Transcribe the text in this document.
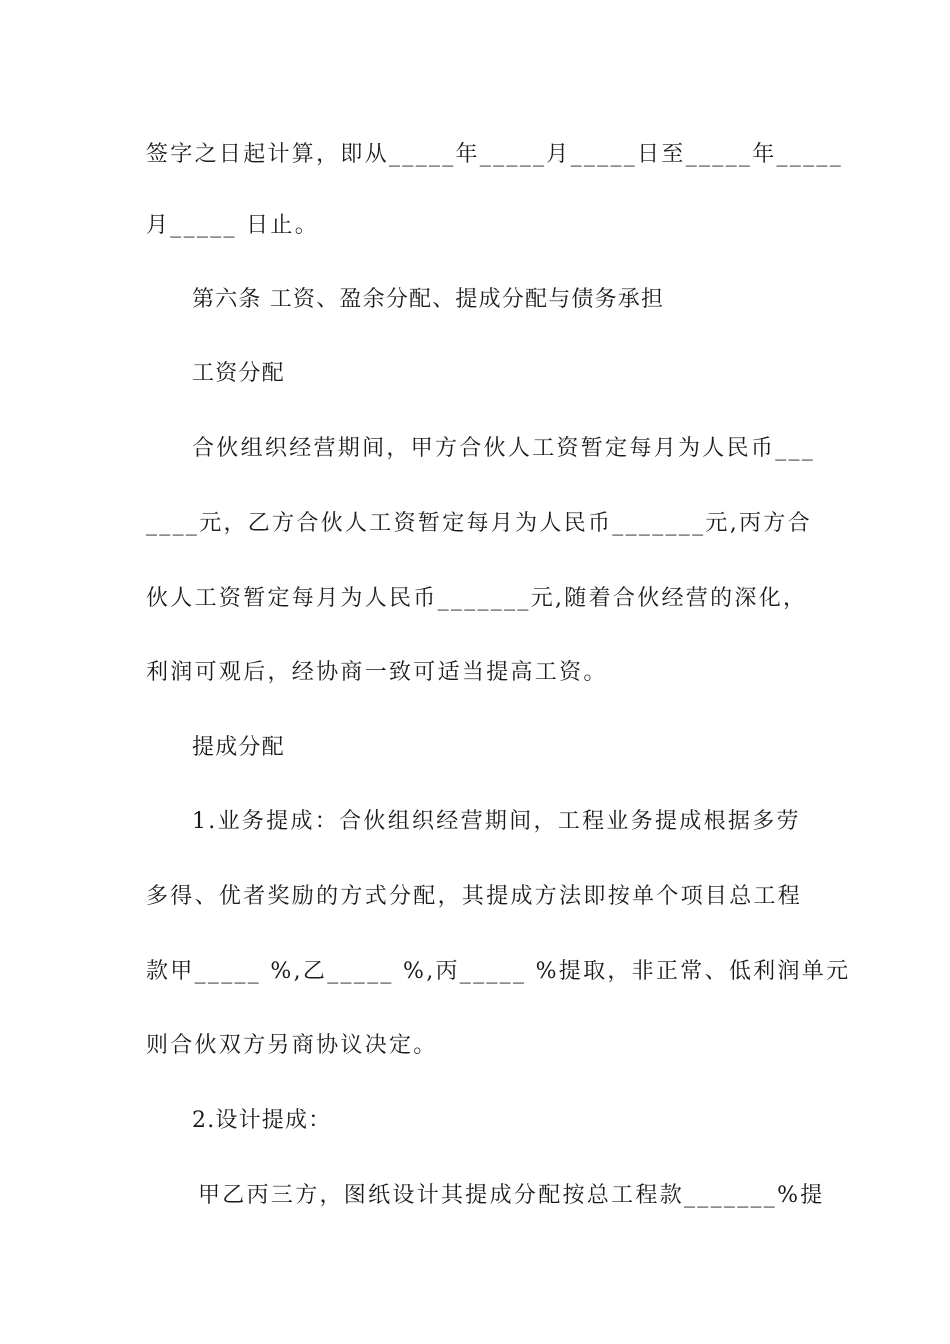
签字之日起计算，即从_____年_____月_____日至_____年_____
月_____ 日止。
第六条 工资、盈余分配、提成分配与债务承担
工资分配
合伙组织经营期间，甲方合伙人工资暂定每月为人民币___
____元，乙方合伙人工资暂定每月为人民币_______元,丙方合
伙人工资暂定每月为人民币_______元,随着合伙经营的深化，
利润可观后，经协商一致可适当提高工资。
提成分配
1.业务提成：合伙组织经营期间，工程业务提成根据多劳
多得、优者奖励的方式分配，其提成方法即按单个项目总工程
款甲_____ %,乙_____ %,丙_____ %提取，非正常、低利润单元
则合伙双方另商协议决定。
2.设计提成：
甲乙丙三方，图纸设计其提成分配按总工程款_______%提
